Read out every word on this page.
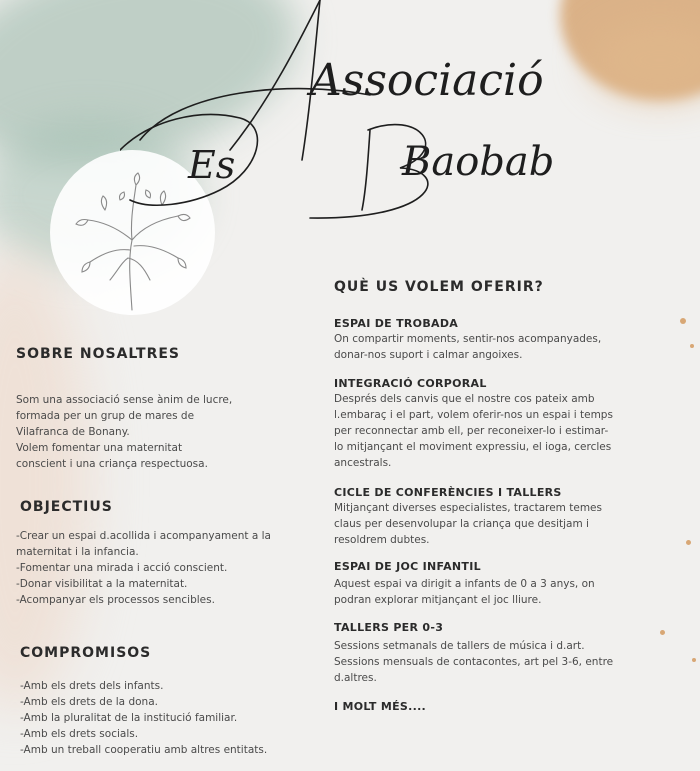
Associació
Es	Baobab
SOBRE NOSALTRES
Som una associació sense ànim de lucre,
formada per un grup de mares de
Vilafranca de Bonany.
Volem fomentar una maternitat
conscient i una criança respectuosa.
OBJECTIUS
-Crear un espai d.acollida i acompanyament a la
maternitat i la infancia.
-Fomentar una mirada i acció conscient.
-Donar visibilitat a la maternitat.
-Acompanyar els processos sencibles.
COMPROMISOS
-Amb els drets dels infants.
-Amb els drets de la dona.
-Amb la pluralitat de la institució familiar.
-Amb els drets socials.
-Amb un treball cooperatiu amb altres entitats.
QUÈ US VOLEM OFERIR?
ESPAI DE TROBADA
On compartir moments, sentir-nos acompanyades,
donar-nos suport i calmar angoixes.
INTEGRACIÓ CORPORAL
Després dels canvis que el nostre cos pateix amb
l.embaraç i el part, volem oferir-nos un espai i temps
per reconnectar amb ell, per reconeixer-lo i estimar-
lo mitjançant el moviment expressiu, el ioga, cercles
ancestrals.
CICLE DE CONFERÈNCIES I TALLERS
Mitjançant diverses especialistes, tractarem temes
claus per desenvolupar la criança que desitjam i
resoldrem dubtes.
ESPAI DE JOC INFANTIL
Aquest espai va dirigit a infants de 0 a 3 anys, on
podran explorar mitjançant el joc lliure.
TALLERS PER 0-3
Sessions setmanals de tallers de música i d.art.
Sessions mensuals de contacontes, art pel 3-6, entre
d.altres.
I MOLT MÉS....
